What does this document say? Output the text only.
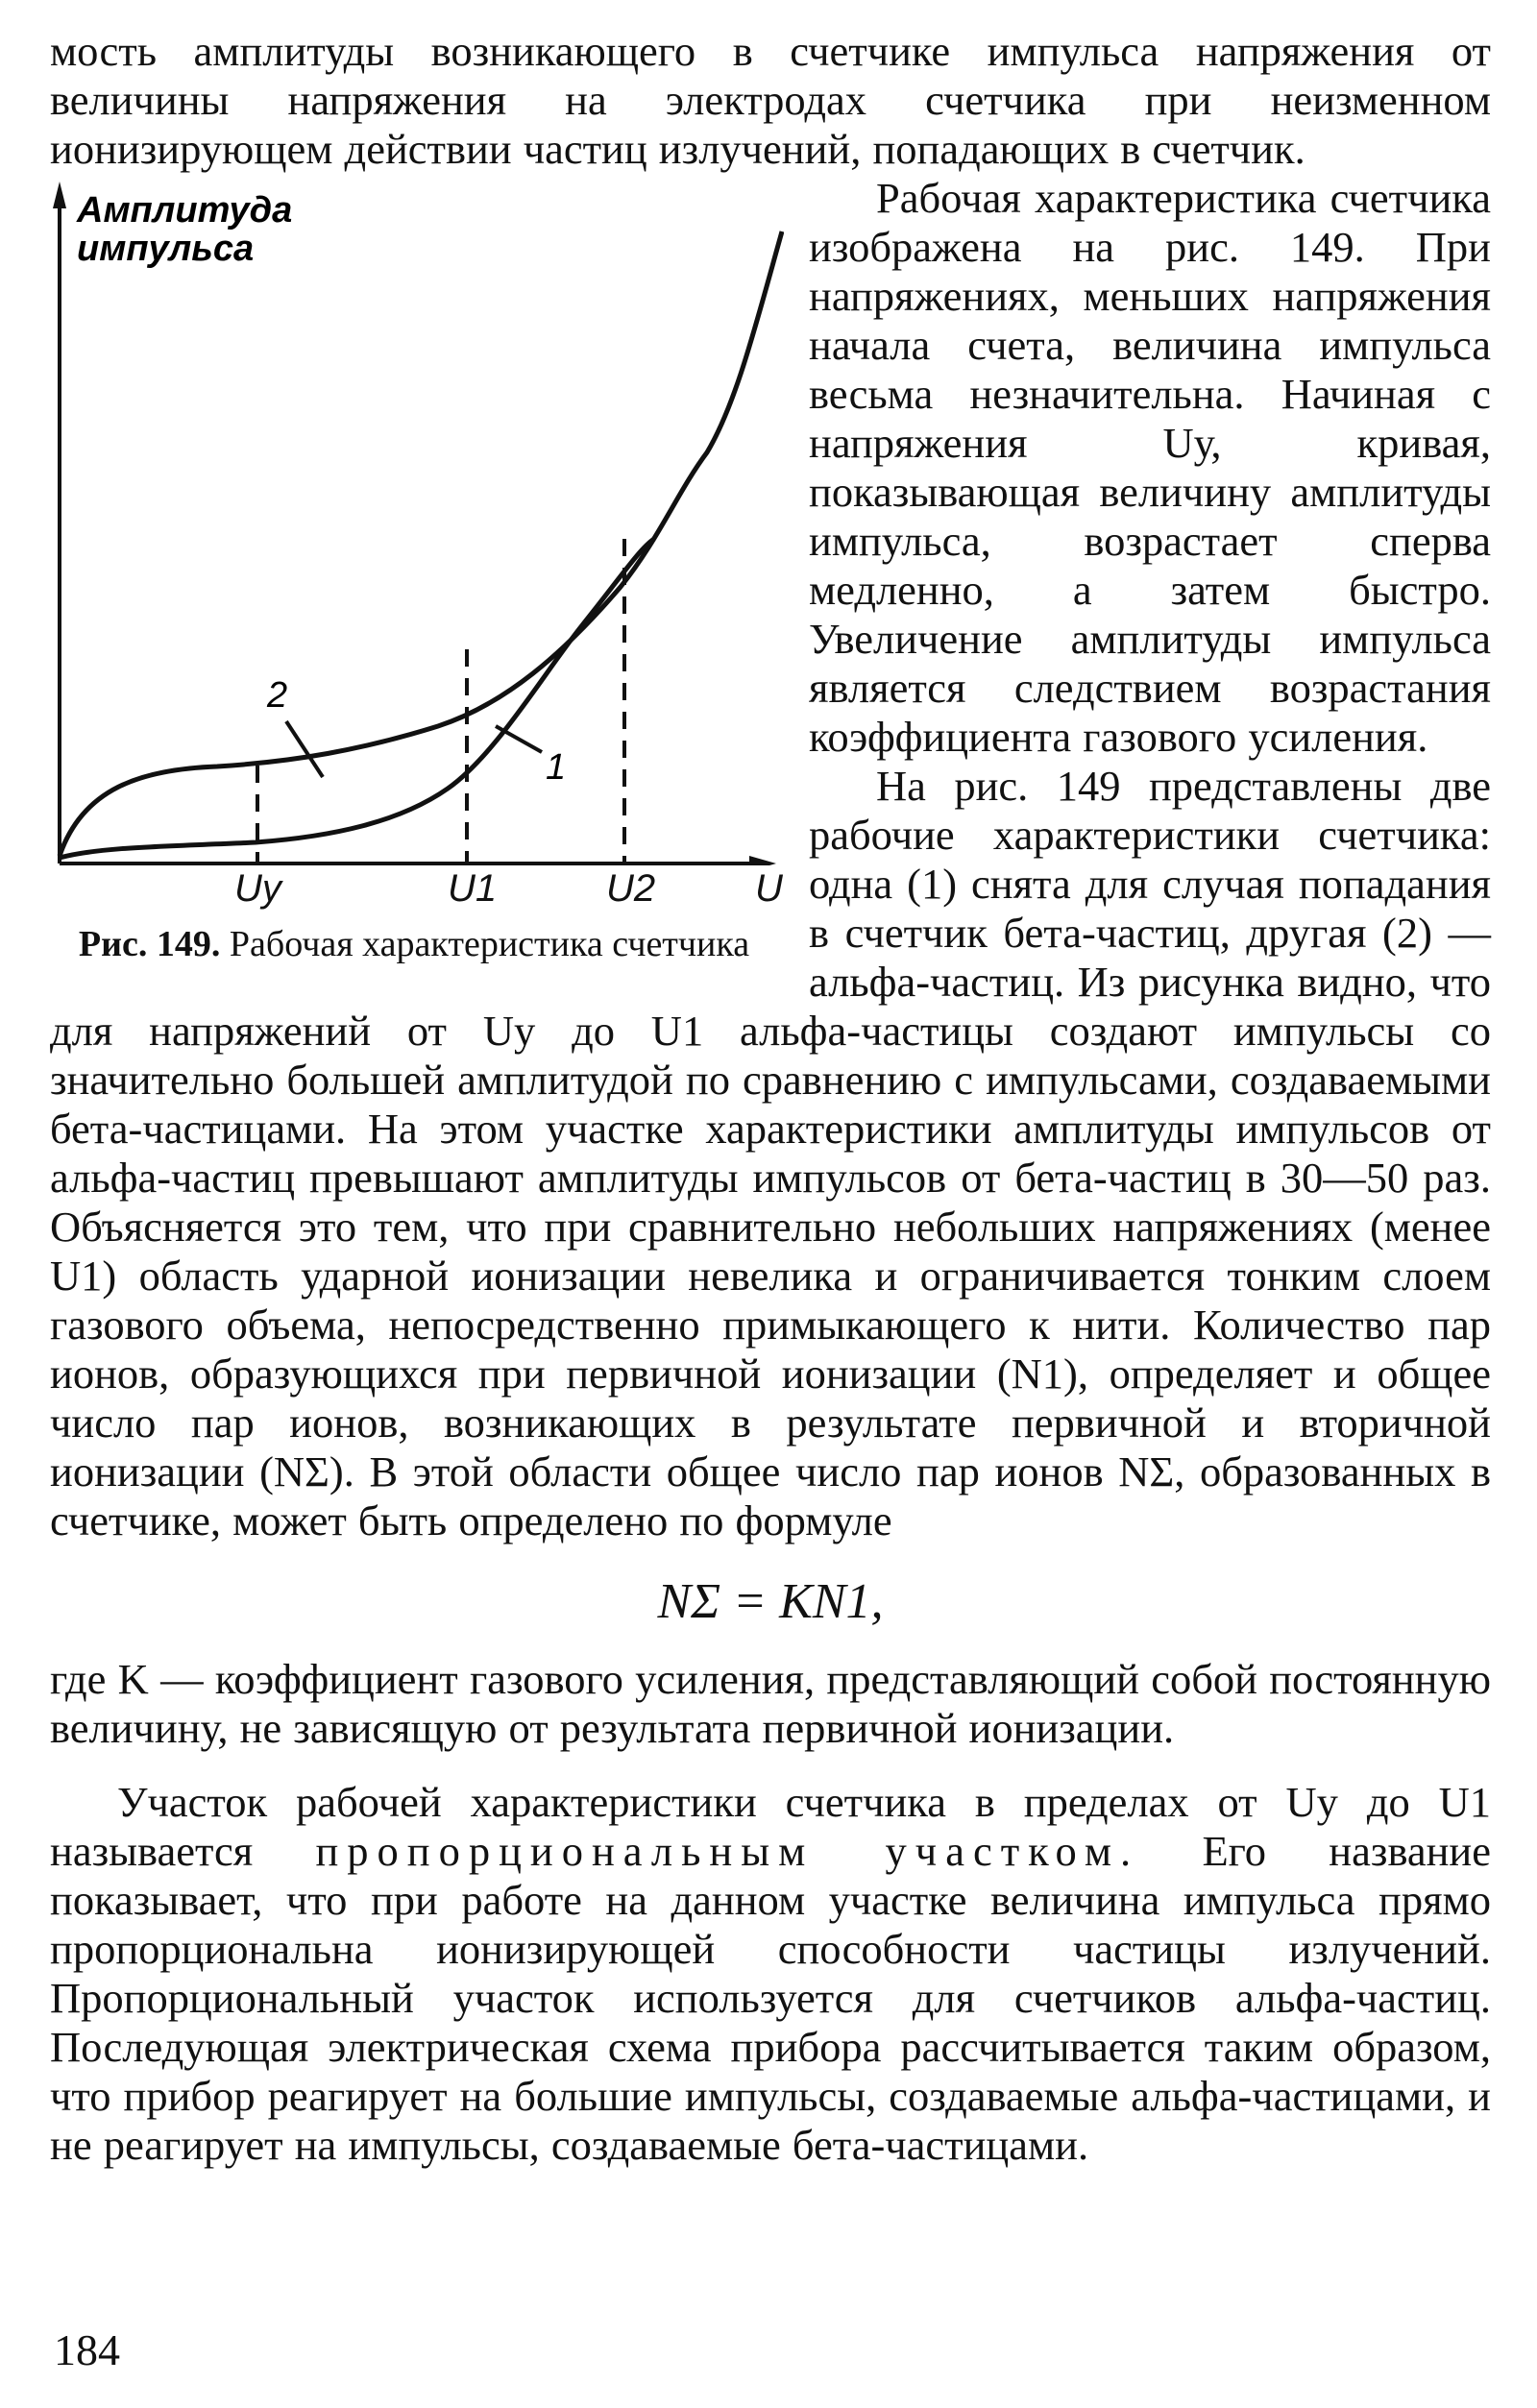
мость амплитуды возникающего в счетчике импульса напряжения от величины напряжения на электродах счетчика при неизменном ионизирующем действии частиц излучений, попадающих в счетчик.

Амплитуда
импульса
2
1
Uy	U1	U2	U
Рис. 149. Рабочая характеристика счетчика

Рабочая характеристика счетчика изображена на рис. 149. При напряжениях, меньших напряжения начала счета, величина импульса весьма незначительна. Начиная с напряжения Uу, кривая, показывающая величину амплитуды импульса, возрастает сперва медленно, а затем быстро. Увеличение амплитуды импульса является следствием возрастания коэффициента газового усиления.

На рис. 149 представлены две рабочие характеристики счетчика: одна (1) снята для случая попадания в счетчик бета-частиц, другая (2) — альфа-частиц. Из рисунка видно, что для напряжений от Uу до U1 альфа-частицы создают импульсы со значительно большей амплитудой по сравнению с импульсами, создаваемыми бета-частицами. На этом участке характеристики амплитуды импульсов от альфа-частиц превышают амплитуды импульсов от бета-частиц в 30—50 раз. Объясняется это тем, что при сравнительно небольших напряжениях (менее U1) область ударной ионизации невелика и ограничивается тонким слоем газового объема, непосредственно примыкающего к нити. Количество пар ионов, образующихся при первичной ионизации (N1), определяет и общее число пар ионов, возникающих в результате первичной и вторичной ионизации (NΣ). В этой области общее число пар ионов NΣ, образованных в счетчике, может быть определено по формуле

NΣ = KN1,

где K — коэффициент газового усиления, представляющий собой постоянную величину, не зависящую от результата первичной ионизации.

Участок рабочей характеристики счетчика в пределах от Uу до U1 называется пропорциональным участком. Его название показывает, что при работе на данном участке величина импульса прямо пропорциональна ионизирующей способности частицы излучений. Пропорциональный участок используется для счетчиков альфа-частиц. Последующая электрическая схема прибора рассчитывается таким образом, что прибор реагирует на большие импульсы, создаваемые альфа-частицами, и не реагирует на импульсы, создаваемые бета-частицами.

184
